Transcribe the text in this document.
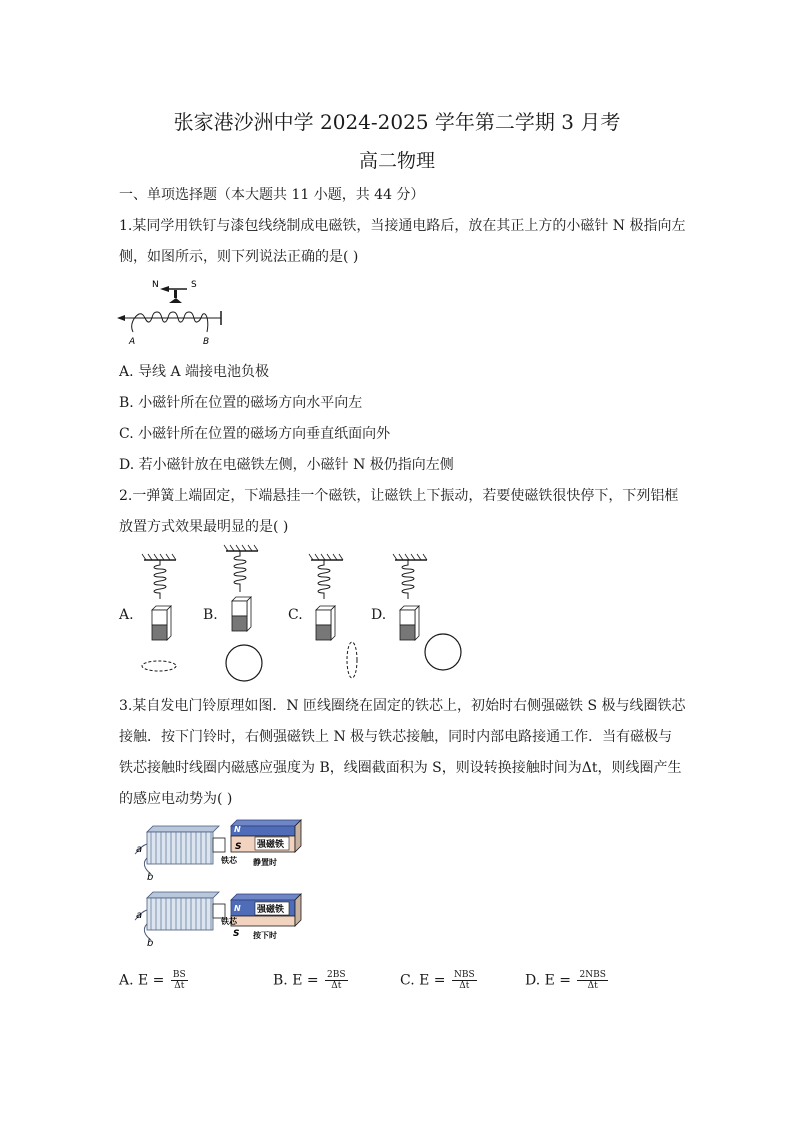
张家港沙洲中学 2024-2025 学年第二学期 3 月考
高二物理
一、单项选择题（本大题共 11 小题，共 44 分）
1.某同学用铁钉与漆包线绕制成电磁铁，当接通电路后，放在其正上方的小磁针 N 极指向左
侧，如图所示，则下列说法正确的是( )
N	S
A	B
A. 导线 A 端接电池负极
B. 小磁针所在位置的磁场方向水平向左
C. 小磁针所在位置的磁场方向垂直纸面向外
D. 若小磁针放在电磁铁左侧，小磁针 N 极仍指向左侧
2.一弹簧上端固定，下端悬挂一个磁铁，让磁铁上下振动，若要使磁铁很快停下，下列铝框
放置方式效果最明显的是( )
A.	B.	C.	D.
3.某自发电门铃原理如图．N 匝线圈绕在固定的铁芯上，初始时右侧强磁铁 S 极与线圈铁芯
接触．按下门铃时，右侧强磁铁上 N 极与铁芯接触，同时内部电路接通工作．当有磁极与
铁芯接触时线圈内磁感应强度为 B，线圈截面积为 S，则设转换接触时间为Δt，则线圈产生
的感应电动势为( )
a
b
N
S 强磁铁
铁芯 静置时
a
b
N
S
强磁铁
铁芯
按下时
A. $E = \frac{BS}{\Delta t}$	B. $E = \frac{2BS}{\Delta t}$	C. $E = \frac{\text{NBS}}{\Delta t}$	D. $E = \frac{\text{2NBS}}{\Delta t}$
